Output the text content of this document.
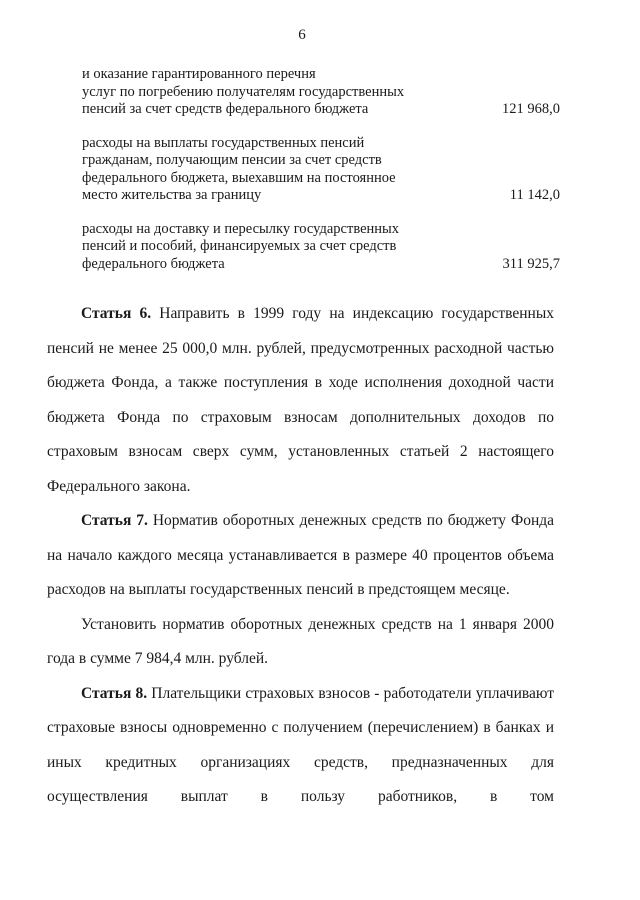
6
и оказание гарантированного перечня
услуг по погребению получателям государственных
пенсий за счет средств федерального бюджета	121 968,0
расходы на выплаты государственных пенсий
гражданам, получающим пенсии за счет средств
федерального бюджета, выехавшим на постоянное
место жительства за границу	11 142,0
расходы на доставку и пересылку государственных
пенсий и пособий, финансируемых за счет средств
федерального бюджета	311 925,7

Статья 6. Направить в 1999 году на индексацию государственных пенсий не менее 25 000,0 млн. рублей, предусмотренных расходной частью бюджета Фонда, а также поступления в ходе исполнения доходной части бюджета Фонда по страховым взносам дополнительных доходов по страховым взносам сверх сумм, установленных статьей 2 настоящего Федерального закона.

Статья 7. Норматив оборотных денежных средств по бюджету Фонда на начало каждого месяца устанавливается в размере 40 процентов объема расходов на выплаты государственных пенсий в предстоящем месяце.

Установить норматив оборотных денежных средств на 1 января 2000 года в сумме 7 984,4 млн. рублей.

Статья 8. Плательщики страховых взносов - работодатели уплачивают страховые взносы одновременно с получением (перечислением) в банках и иных кредитных организациях средств, предназначенных для осуществления выплат в пользу работников, в том
